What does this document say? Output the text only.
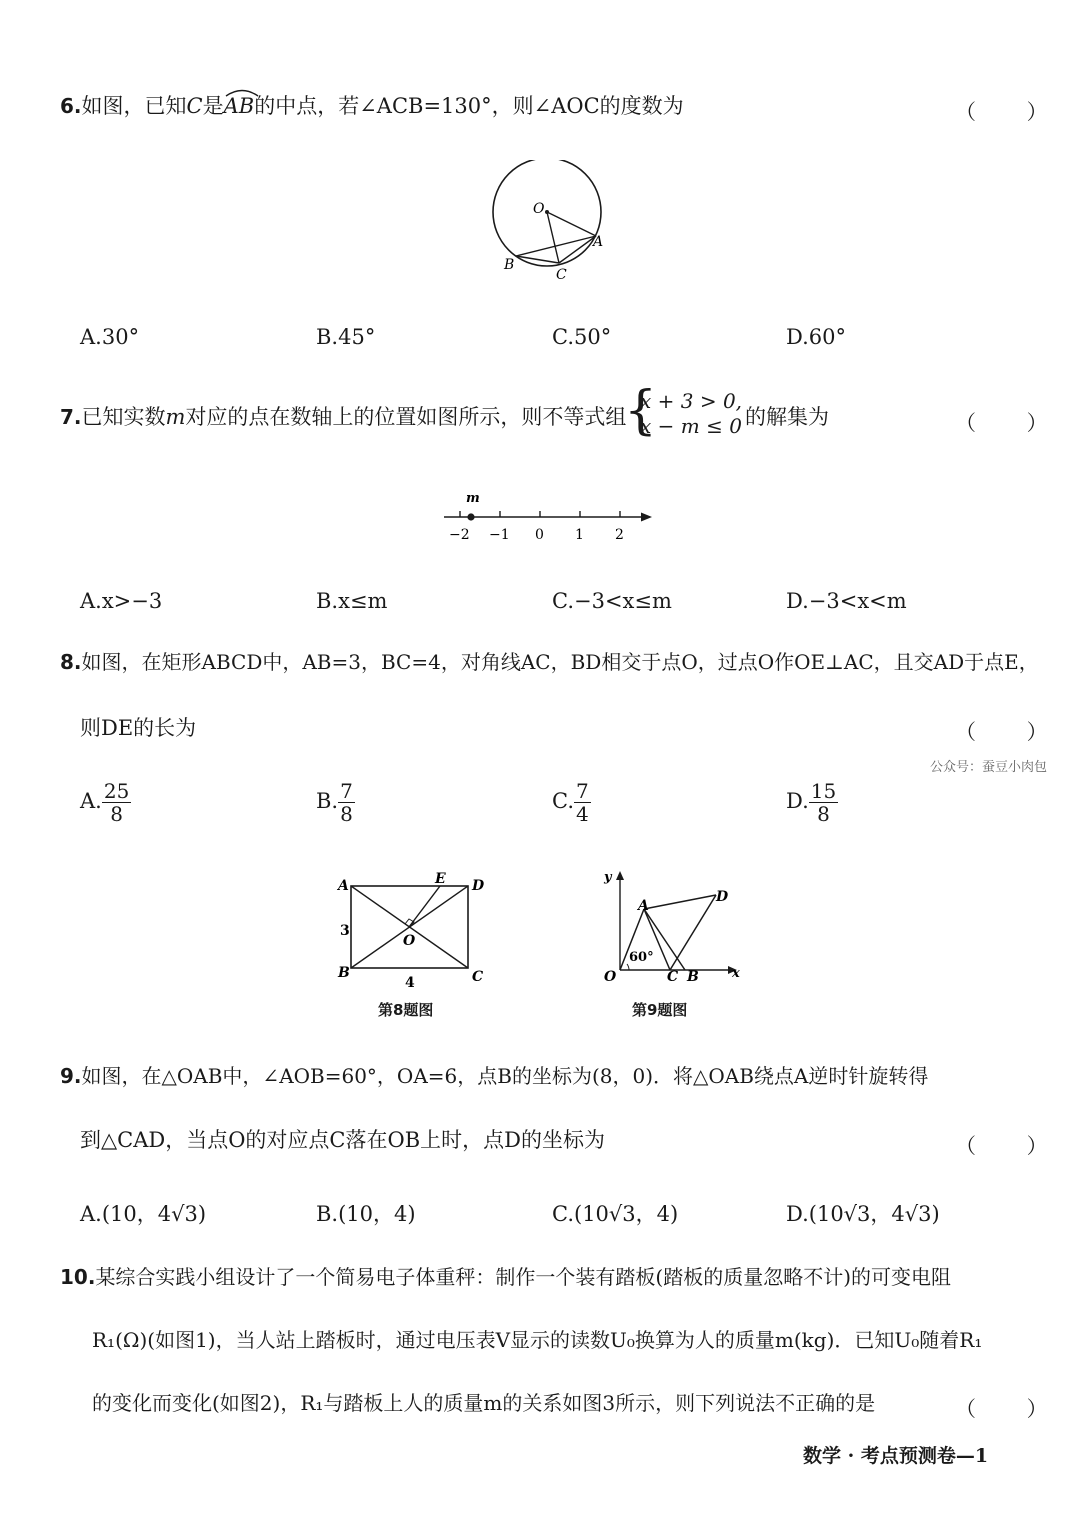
6.如图，已知C是
AB的中点，若∠ACB=130°，则∠AOC的度数为	（ ）
O
A
B
C
A.30°	B.45°	C.50°	D.60°
7.已知实数m对应的点在数轴上的位置如图所示，则不等式组
{
x + 3 > 0,
x − m ≤ 0 的解集为	（ ）
m
−2 −1 0 1 2
A.x>−3	B.x≤m	C.−3<x≤m	D.−3<x<m
8.如图，在矩形ABCD中，AB=3，BC=4，对角线AC，BD相交于点O，过点O作OE⊥AC，且交AD于点E，
则DE的长为	（ ）
公众号：蚕豆小肉包
A. $\frac{25}{8}$	B. $\frac{7}{8}$	C. $\frac{7}{4}$	D. $\frac{15}{8}$
A	E D
O
B	C
3
4
第8题图
y
x
O
A
D
C B
60°
第9题图
9.如图，在△OAB中，∠AOB=60°，OA=6，点B的坐标为(8，0)．将△OAB绕点A逆时针旋转得
到△CAD，当点O的对应点C落在OB上时，点D的坐标为	（ ）
A.(10，4√3)	B.(10，4)	C.(10√3，4)	D.(10√3，4√3)
10.某综合实践小组设计了一个简易电子体重秤：制作一个装有踏板(踏板的质量忽略不计)的可变电阻
R₁(Ω)(如图1)，当人站上踏板时，通过电压表V显示的读数U₀换算为人的质量m(kg)．已知U₀随着R₁
的变化而变化(如图2)，R₁与踏板上人的质量m的关系如图3所示，则下列说法不正确的是	（ ）
数学 · 考点预测卷—1
